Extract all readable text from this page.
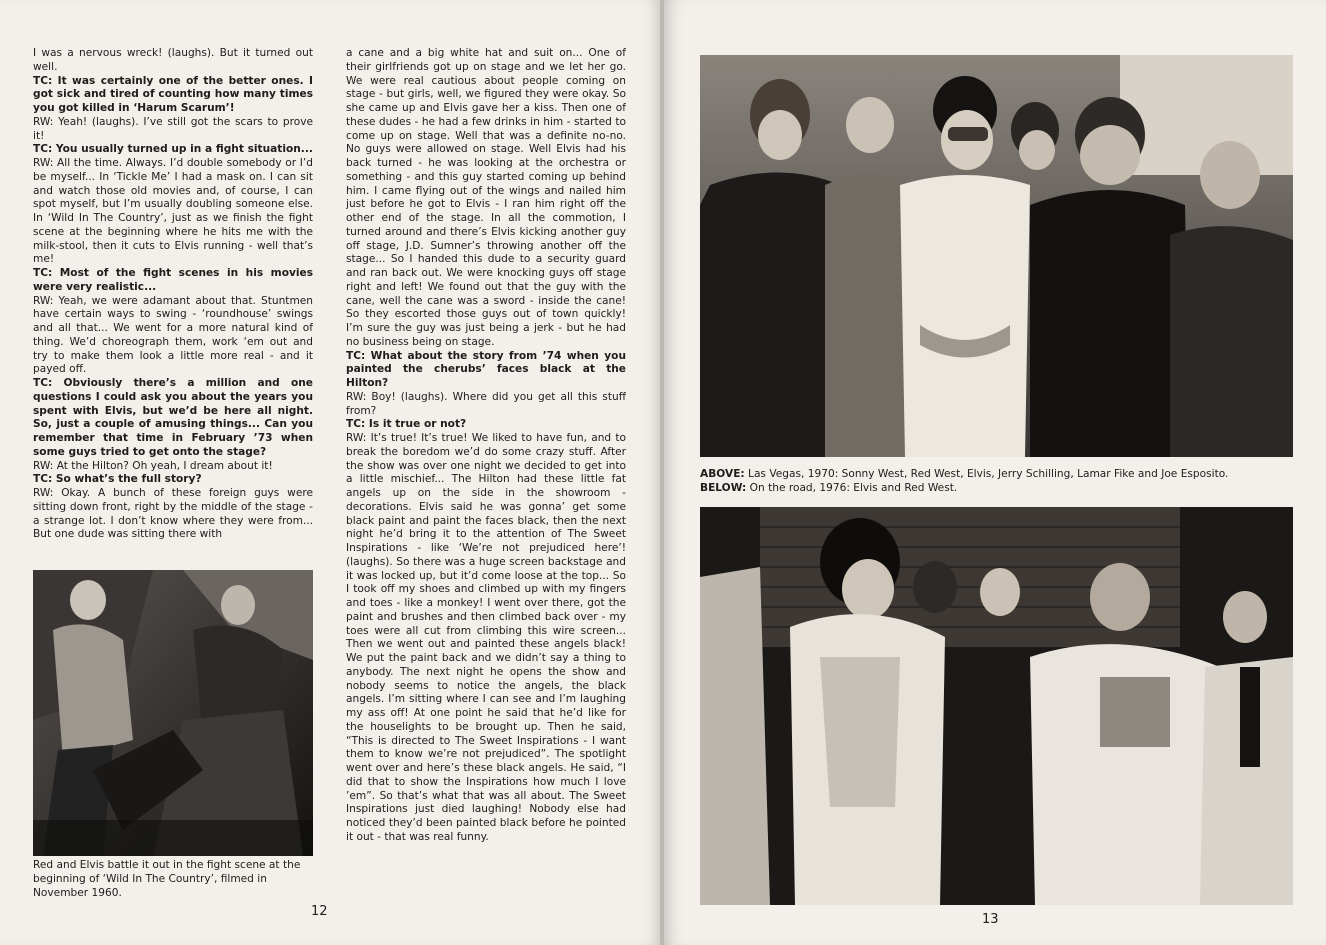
I was a nervous wreck! (laughs). But it turned out well.

TC: It was certainly one of the better ones. I got sick and tired of counting how many times you got killed in ‘Harum Scarum’!

RW: Yeah! (laughs). I’ve still got the scars to prove it!

TC: You usually turned up in a fight situation...

RW: All the time. Always. I’d double somebody or I’d be myself... In ‘Tickle Me’ I had a mask on. I can sit and watch those old movies and, of course, I can spot myself, but I’m usually doubling someone else. In ‘Wild In The Country’, just as we finish the fight scene at the beginning where he hits me with the milk-stool, then it cuts to Elvis running - well that’s me!

TC: Most of the fight scenes in his movies were very realistic...

RW: Yeah, we were adamant about that. Stuntmen have certain ways to swing - ‘roundhouse’ swings and all that... We went for a more natural kind of thing. We’d choreograph them, work ‘em out and try to make them look a little more real - and it payed off.

TC: Obviously there’s a million and one questions I could ask you about the years you spent with Elvis, but we’d be here all night. So, just a couple of amusing things... Can you remember that time in February ’73 when some guys tried to get onto the stage?

RW: At the Hilton? Oh yeah, I dream about it!

TC: So what’s the full story?

RW: Okay. A bunch of these foreign guys were sitting down front, right by the middle of the stage - a strange lot. I don’t know where they were from... But one dude was sitting there with

a cane and a big white hat and suit on... One of their girlfriends got up on stage and we let her go. We were real cautious about people coming on stage - but girls, well, we figured they were okay. So she came up and Elvis gave her a kiss. Then one of these dudes - he had a few drinks in him - started to come up on stage. Well that was a definite no-no. No guys were allowed on stage. Well Elvis had his back turned - he was looking at the orchestra or something - and this guy started coming up behind him. I came flying out of the wings and nailed him just before he got to Elvis - I ran him right off the other end of the stage. In all the commotion, I turned around and there’s Elvis kicking another guy off stage, J.D. Sumner’s throwing another off the stage... So I handed this dude to a security guard and ran back out. We were knocking guys off stage right and left! We found out that the guy with the cane, well the cane was a sword - inside the cane! So they escorted those guys out of town quickly! I’m sure the guy was just being a jerk - but he had no business being on stage.

TC: What about the story from ’74 when you painted the cherubs’ faces black at the Hilton?

RW: Boy! (laughs). Where did you get all this stuff from?

TC: Is it true or not?

RW: It’s true! It’s true! We liked to have fun, and to break the boredom we’d do some crazy stuff. After the show was over one night we decided to get into a little mischief... The Hilton had these little fat angels up on the side in the showroom - decorations. Elvis said he was gonna’ get some black paint and paint the faces black, then the next night he’d bring it to the attention of The Sweet Inspirations - like ‘We’re not prejudiced here’! (laughs). So there was a huge screen backstage and it was locked up, but it’d come loose at the top... So I took off my shoes and climbed up with my fingers and toes - like a monkey! I went over there, got the paint and brushes and then climbed back over - my toes were all cut from climbing this wire screen... Then we went out and painted these angels black! We put the paint back and we didn’t say a thing to anybody. The next night he opens the show and nobody seems to notice the angels, the black angels. I’m sitting where I can see and I’m laughing my ass off! At one point he said that he’d like for the houselights to be brought up. Then he said, “This is directed to The Sweet Inspirations - I want them to know we’re not prejudiced”. The spotlight went over and here’s these black angels. He said, “I did that to show the Inspirations how much I love ’em”. So that’s what that was all about. The Sweet Inspirations just died laughing! Nobody else had noticed they’d been painted black before he pointed it out - that was real funny.

Red and Elvis battle it out in the fight scene at the beginning of ‘Wild In The Country’, filmed in November 1960.

12

ABOVE: Las Vegas, 1970: Sonny West, Red West, Elvis, Jerry Schilling, Lamar Fike and Joe Esposito.

BELOW: On the road, 1976: Elvis and Red West.

13
